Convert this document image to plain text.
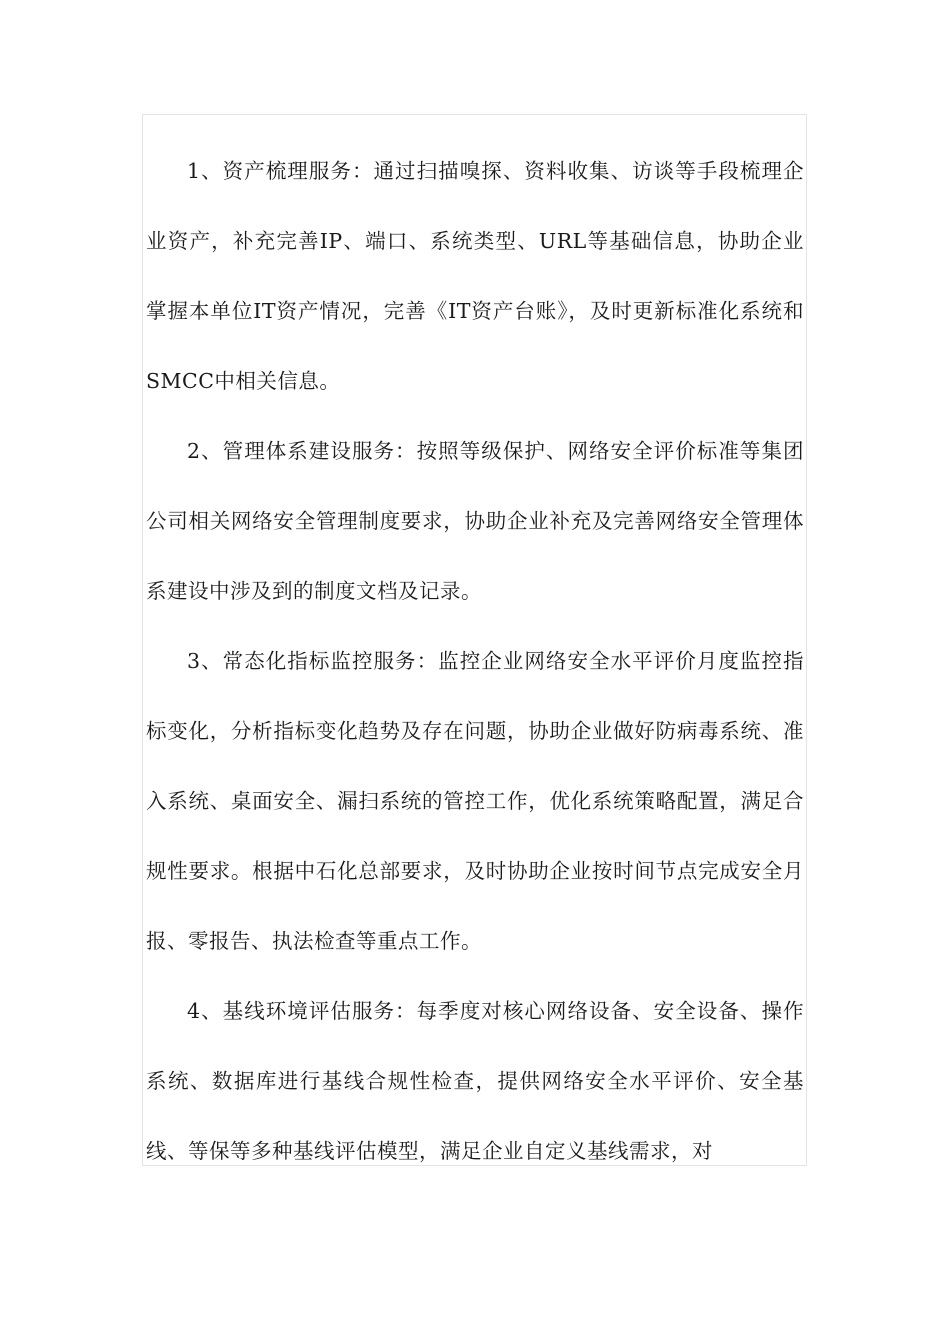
1、资产梳理服务：通过扫描嗅探、资料收集、访谈等手段梳理企业资产，补充完善IP、端口、系统类型、URL等基础信息，协助企业掌握本单位IT资产情况，完善《IT资产台账》，及时更新标准化系统和SMCC中相关信息。

2、管理体系建设服务：按照等级保护、网络安全评价标准等集团公司相关网络安全管理制度要求，协助企业补充及完善网络安全管理体系建设中涉及到的制度文档及记录。

3、常态化指标监控服务：监控企业网络安全水平评价月度监控指标变化，分析指标变化趋势及存在问题，协助企业做好防病毒系统、准入系统、桌面安全、漏扫系统的管控工作，优化系统策略配置，满足合规性要求。根据中石化总部要求，及时协助企业按时间节点完成安全月报、零报告、执法检查等重点工作。

4、基线环境评估服务：每季度对核心网络设备、安全设备、操作系统、数据库进行基线合规性检查，提供网络安全水平评价、安全基线、等保等多种基线评估模型，满足企业自定义基线需求，对
